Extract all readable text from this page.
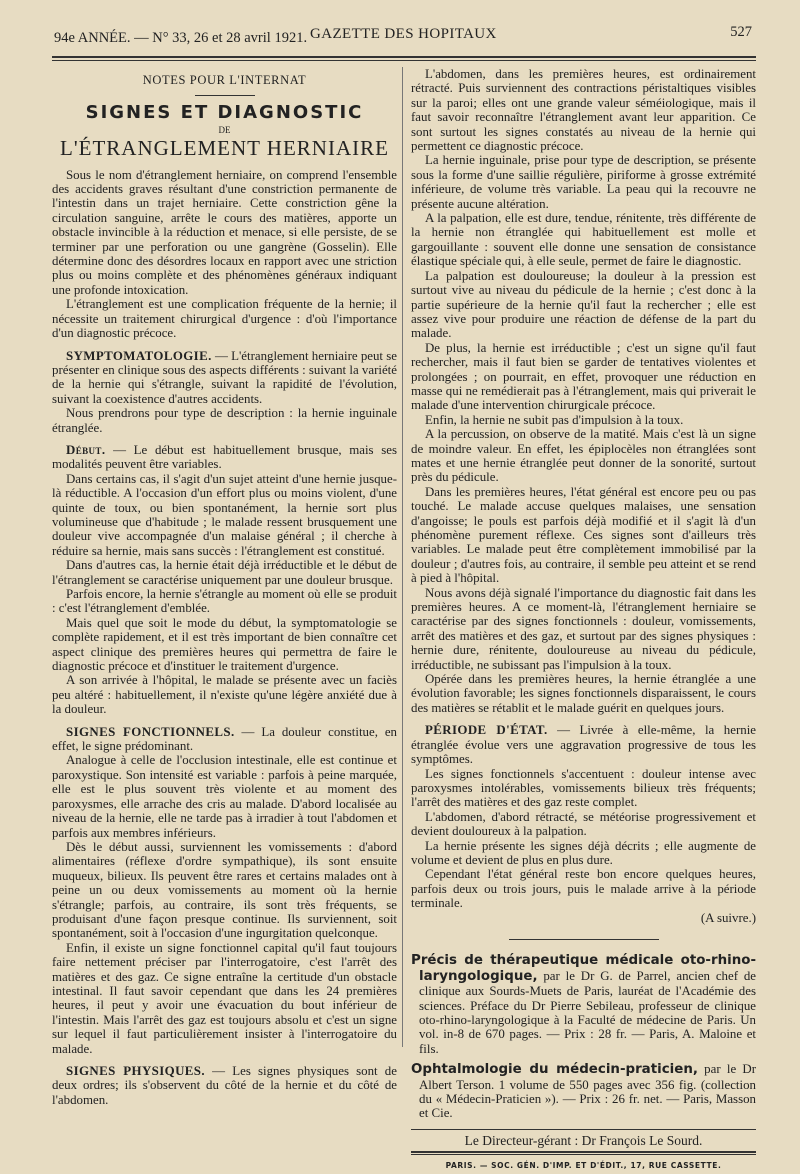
94e ANNÉE. — N° 33, 26 et 28 avril 1921. GAZETTE DES HOPITAUX	527
NOTES POUR L'INTERNAT
SIGNES ET DIAGNOSTIC
DE
L'ÉTRANGLEMENT HERNIAIRE

Sous le nom d'étranglement herniaire, on comprend l'ensemble des accidents graves résultant d'une constriction permanente de l'intestin dans un trajet herniaire. Cette constriction gêne la circulation sanguine, arrête le cours des matières, apporte un obstacle invincible à la réduction et menace, si elle persiste, de se terminer par une perforation ou une gangrène (Gosselin). Elle détermine donc des désordres locaux en rapport avec une striction plus ou moins complète et des phénomènes généraux indiquant une profonde intoxication.

L'étranglement est une complication fréquente de la hernie; il nécessite un traitement chirurgical d'urgence : d'où l'importance d'un diagnostic précoce.

SYMPTOMATOLOGIE. — L'étranglement herniaire peut se présenter en clinique sous des aspects différents : suivant la variété de la hernie qui s'étrangle, suivant la rapidité de l'évolution, suivant la coexistence d'autres accidents.

Nous prendrons pour type de description : la hernie inguinale étranglée.

Début. — Le début est habituellement brusque, mais ses modalités peuvent être variables.

Dans certains cas, il s'agit d'un sujet atteint d'une hernie jusque-là réductible. A l'occasion d'un effort plus ou moins violent, d'une quinte de toux, ou bien spontanément, la hernie sort plus volumineuse que d'habitude ; le malade ressent brusquement une douleur vive accompagnée d'un malaise général ; il cherche à réduire sa hernie, mais sans succès : l'étranglement est constitué.

Dans d'autres cas, la hernie était déjà irréductible et le début de l'étranglement se caractérise uniquement par une douleur brusque.

Parfois encore, la hernie s'étrangle au moment où elle se produit : c'est l'étranglement d'emblée.

Mais quel que soit le mode du début, la symptomatologie se complète rapidement, et il est très important de bien connaître cet aspect clinique des premières heures qui permettra de faire le diagnostic précoce et d'instituer le traitement d'urgence.

A son arrivée à l'hôpital, le malade se présente avec un faciès peu altéré : habituellement, il n'existe qu'une légère anxiété due à la douleur.

SIGNES FONCTIONNELS. — La douleur constitue, en effet, le signe prédominant.

Analogue à celle de l'occlusion intestinale, elle est continue et paroxystique. Son intensité est variable : parfois à peine marquée, elle est le plus souvent très violente et au moment des paroxysmes, elle arrache des cris au malade. D'abord localisée au niveau de la hernie, elle ne tarde pas à irradier à tout l'abdomen et parfois aux membres inférieurs.

Dès le début aussi, surviennent les vomissements : d'abord alimentaires (réflexe d'ordre sympathique), ils sont ensuite muqueux, bilieux. Ils peuvent être rares et certains malades ont à peine un ou deux vomissements au moment où la hernie s'étrangle; parfois, au contraire, ils sont très fréquents, se produisant d'une façon presque continue. Ils surviennent, soit spontanément, soit à l'occasion d'une ingurgitation quelconque.

Enfin, il existe un signe fonctionnel capital qu'il faut toujours faire nettement préciser par l'interrogatoire, c'est l'arrêt des matières et des gaz. Ce signe entraîne la certitude d'un obstacle intestinal. Il faut savoir cependant que dans les 24 premières heures, il peut y avoir une évacuation du bout inférieur de l'intestin. Mais l'arrêt des gaz est toujours absolu et c'est un signe sur lequel il faut particulièrement insister à l'interrogatoire du malade.

SIGNES PHYSIQUES. — Les signes physiques sont de deux ordres; ils s'observent du côté de la hernie et du côté de l'abdomen.

L'abdomen, dans les premières heures, est ordinairement rétracté. Puis surviennent des contractions péristaltiques visibles sur la paroi; elles ont une grande valeur séméiologique, mais il faut savoir reconnaître l'étranglement avant leur apparition. Ce sont surtout les signes constatés au niveau de la hernie qui permettent ce diagnostic précoce.

La hernie inguinale, prise pour type de description, se présente sous la forme d'une saillie régulière, piriforme à grosse extrémité inférieure, de volume très variable. La peau qui la recouvre ne présente aucune altération.

A la palpation, elle est dure, tendue, rénitente, très différente de la hernie non étranglée qui habituellement est molle et gargouillante : souvent elle donne une sensation de consistance élastique spéciale qui, à elle seule, permet de faire le diagnostic.

La palpation est douloureuse; la douleur à la pression est surtout vive au niveau du pédicule de la hernie ; c'est donc à la partie supérieure de la hernie qu'il faut la rechercher ; elle est assez vive pour produire une réaction de défense de la part du malade.

De plus, la hernie est irréductible ; c'est un signe qu'il faut rechercher, mais il faut bien se garder de tentatives violentes et prolongées ; on pourrait, en effet, provoquer une réduction en masse qui ne remédierait pas à l'étranglement, mais qui priverait le malade d'une intervention chirurgicale précoce.

Enfin, la hernie ne subit pas d'impulsion à la toux.

A la percussion, on observe de la matité. Mais c'est là un signe de moindre valeur. En effet, les épiplocèles non étranglées sont mates et une hernie étranglée peut donner de la sonorité, surtout près du pédicule.

Dans les premières heures, l'état général est encore peu ou pas touché. Le malade accuse quelques malaises, une sensation d'angoisse; le pouls est parfois déjà modifié et il s'agit là d'un phénomène purement réflexe. Ces signes sont d'ailleurs très variables. Le malade peut être complètement immobilisé par la douleur ; d'autres fois, au contraire, il semble peu atteint et se rend à pied à l'hôpital.

Nous avons déjà signalé l'importance du diagnostic fait dans les premières heures. A ce moment-là, l'étranglement herniaire se caractérise par des signes fonctionnels : douleur, vomissements, arrêt des matières et des gaz, et surtout par des signes physiques : hernie dure, rénitente, douloureuse au niveau du pédicule, irréductible, ne subissant pas l'impulsion à la toux.

Opérée dans les premières heures, la hernie étranglée a une évolution favorable; les signes fonctionnels disparaissent, le cours des matières se rétablit et le malade guérit en quelques jours.

PÉRIODE D'ÉTAT. — Livrée à elle-même, la hernie étranglée évolue vers une aggravation progressive de tous les symptômes.

Les signes fonctionnels s'accentuent : douleur intense avec paroxysmes intolérables, vomissements bilieux très fréquents; l'arrêt des matières et des gaz reste complet.

L'abdomen, d'abord rétracté, se météorise progressivement et devient douloureux à la palpation.

La hernie présente les signes déjà décrits ; elle augmente de volume et devient de plus en plus dure.

Cependant l'état général reste bon encore quelques heures, parfois deux ou trois jours, puis le malade arrive à la période terminale.

(A suivre.)

Précis de thérapeutique médicale oto-rhino-laryngologique, par le Dr G. de Parrel, ancien chef de clinique aux Sourds-Muets de Paris, lauréat de l'Académie des sciences. Préface du Dr Pierre Sebileau, professeur de clinique oto-rhino-laryngologique à la Faculté de médecine de Paris. Un vol. in-8 de 670 pages. — Prix : 28 fr. — Paris, A. Maloine et fils.

Ophtalmologie du médecin-praticien, par le Dr Albert Terson. 1 volume de 550 pages avec 356 fig. (collection du « Médecin-Praticien »). — Prix : 26 fr. net. — Paris, Masson et Cie.

Le Directeur-gérant : Dr François Le Sourd.
PARIS. — SOC. GÉN. D'IMP. ET D'ÉDIT., 17, RUE CASSETTE.
